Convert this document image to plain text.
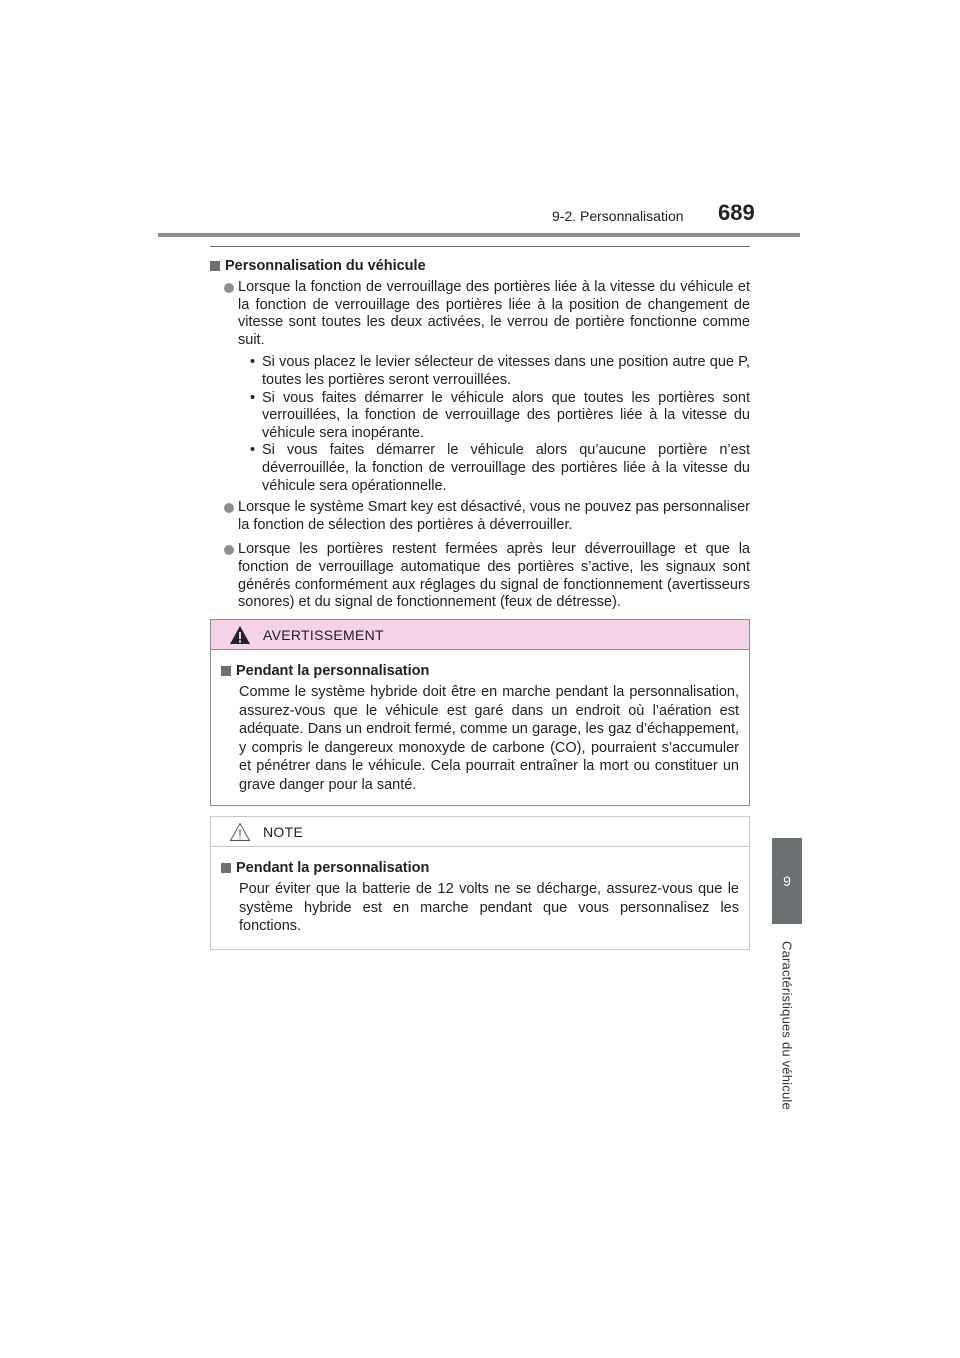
9-2. Personnalisation 689
9
Caractéristiques du véhicule
Personnalisation du véhicule

Lorsque la fonction de verrouillage des portières liée à la vitesse du véhicule et la fonction de verrouillage des portières liée à la position de changement de vitesse sont toutes les deux activées, le verrou de portière fonctionne comme suit.

• Si vous placez le levier sélecteur de vitesses dans une position autre que P, toutes les portières seront verrouillées.
• Si vous faites démarrer le véhicule alors que toutes les portières sont verrouillées, la fonction de verrouillage des portières liée à la vitesse du véhicule sera inopérante.
• Si vous faites démarrer le véhicule alors qu’aucune portière n’est déverrouillée, la fonction de verrouillage des portières liée à la vitesse du véhicule sera opérationnelle.

Lorsque le système Smart key est désactivé, vous ne pouvez pas personnaliser la fonction de sélection des portières à déverrouiller.

Lorsque les portières restent fermées après leur déverrouillage et que la fonction de verrouillage automatique des portières s’active, les signaux sont générés conformément aux réglages du signal de fonctionnement (avertisseurs sonores) et du signal de fonctionnement (feux de détresse).

AVERTISSEMENT
Pendant la personnalisation
Comme le système hybride doit être en marche pendant la personnalisation, assurez-vous que le véhicule est garé dans un endroit où l’aération est adéquate. Dans un endroit fermé, comme un garage, les gaz d’échappement, y compris le dangereux monoxyde de carbone (CO), pourraient s’accumuler et pénétrer dans le véhicule. Cela pourrait entraîner la mort ou constituer un grave danger pour la santé.
NOTE
Pendant la personnalisation
Pour éviter que la batterie de 12 volts ne se décharge, assurez-vous que le système hybride est en marche pendant que vous personnalisez les fonctions.
